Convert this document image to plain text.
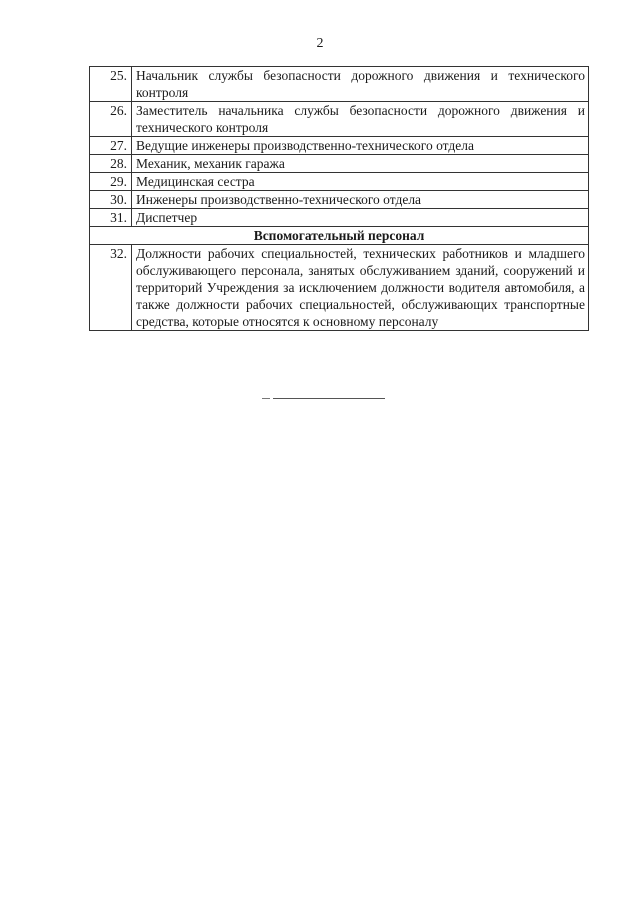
2
25.	Начальник службы безопасности дорожного движения и технического контроля
26.	Заместитель начальника службы безопасности дорожного движения и технического контроля
27.	Ведущие инженеры производственно-технического отдела
28.	Механик, механик гаража
29.	Медицинская сестра
30.	Инженеры производственно-технического отдела
31.	Диспетчер
Вспомогательный персонал	
32.	Должности рабочих специальностей, технических работников и младшего обслуживающего персонала, занятых обслуживанием зданий, сооружений и территорий Учреждения за исключением должности водителя автомобиля, а также должности рабочих специальностей, обслуживающих транспортные средства, которые относятся к основному персоналу
